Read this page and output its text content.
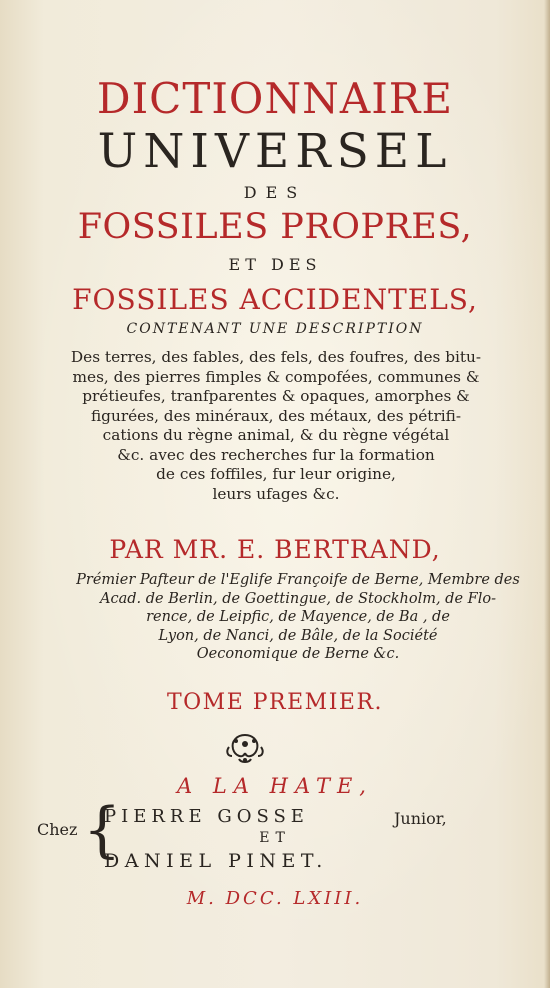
DICTIONNAIRE

UNIVERSEL

DES

FOSSILES PROPRES,

ET DES

FOSSILES ACCIDENTELS,

CONTENANT UNE DESCRIPTION

Des terres, des fables, des fels, des foufres, des bitu-
mes, des pierres fimples & compofées, communes &
prétieufes, tranfparentes & opaques, amorphes &
figurées, des minéraux, des métaux, des pétrifi-
cations du règne animal, & du règne végétal
&c. avec des recherches fur la formation
de ces foffiles, fur leur origine,
leurs ufages &c.

PAR MR. E. BERTRAND,

Prémier Pafteur de l'Eglife Françoife de Berne, Membre des
Acad. de Berlin, de Goettingue, de Stockholm, de Flo-
rence, de Leipfic, de Mayence, de Ba , de
Lyon, de Nanci, de Bâle, de la Société
Oeconomique de Berne &c.

TOME PREMIER.

A LA HATE,

Chez {
PIERRE GOSSE	Junior,
ET
DANIEL PINET.

M. DCC. LXIII.
